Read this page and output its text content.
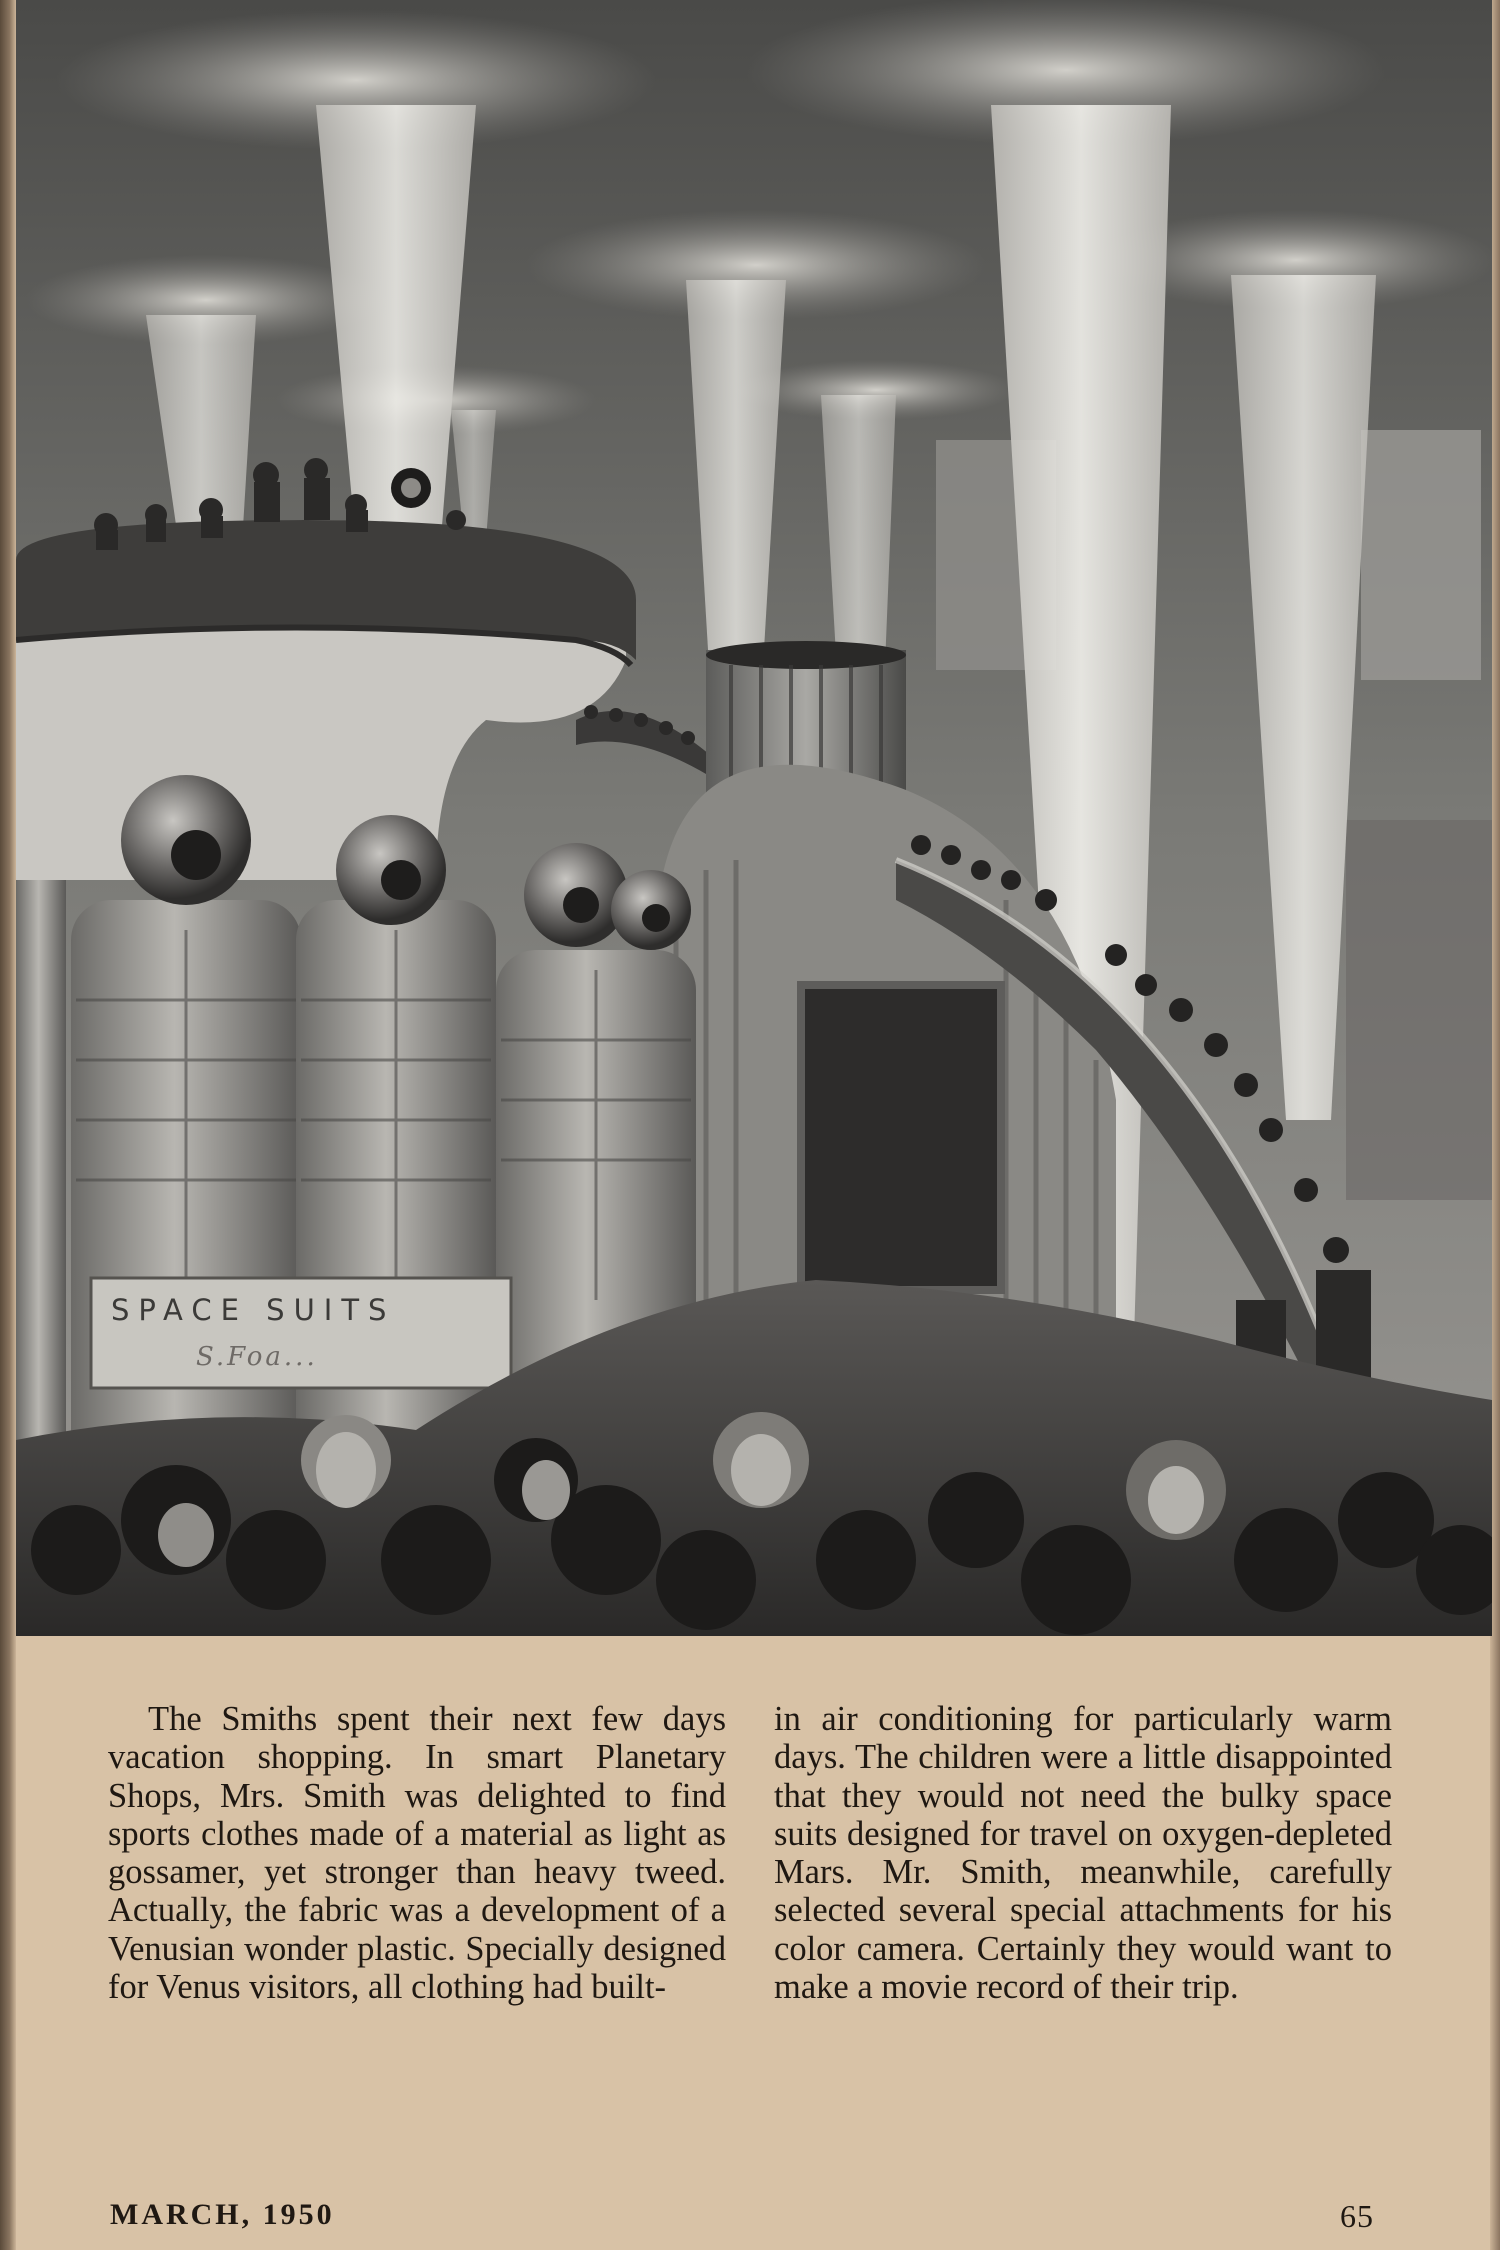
SPACE SUITS
S.Foa...

The Smiths spent their next few days vacation shopping. In smart Planetary Shops, Mrs. Smith was delighted to find sports clothes made of a material as light as gossamer, yet stronger than heavy tweed. Actually, the fabric was a development of a Venusian wonder plastic. Specially designed for Venus visitors, all clothing had built-

in air conditioning for particularly warm days. The children were a little disappointed that they would not need the bulky space suits designed for travel on oxygen-depleted Mars. Mr. Smith, meanwhile, carefully selected several special attachments for his color camera. Certainly they would want to make a movie record of their trip.

MARCH, 1950	65
